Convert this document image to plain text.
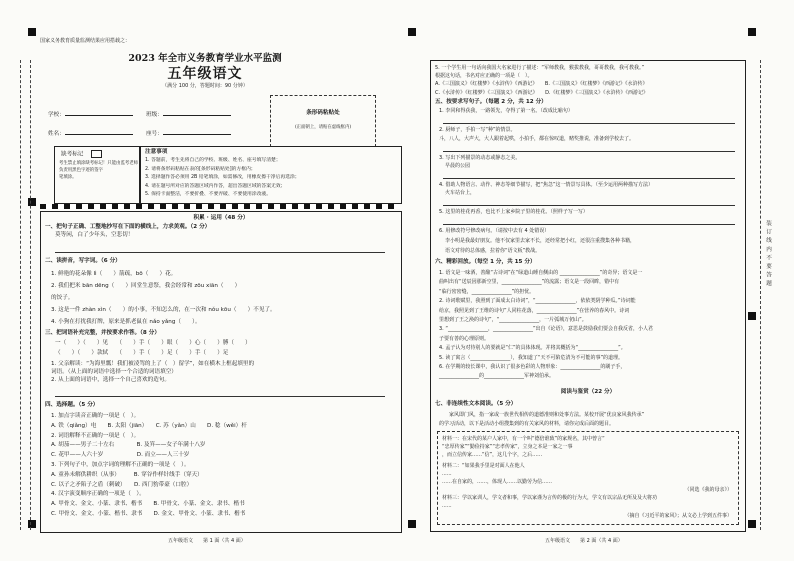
国家义务教育质量监测结果应用搭载之：
2023 年全市义务教育学业水平监测
五年级语文
（满分 100 分，答题时间：90 分钟）
学校：	班级：
姓名：	座号：
条形码粘贴处
(正面朝上，请贴在虚线框内)
缺考标记
考生禁止填涂缺考标记！只能由监考老师
负责用黑色字迹的签字
笔填涂。
注意事项
1. 答题前，考生先将自己的学校、班级、姓名、座号填写清楚；
2. 请将条形码粘贴在表的[条形码粘贴处]的方框内；
3. 选择题作答必须用 2B 铅笔填涂，如需修改，用橡皮擦干净后再选涂；
4. 请在题号所对应的答题区域内作答，超出答题区域的答案无效；
5. 保持卡面整洁，不要折叠、不要弄破、不要使用涂改液。
积累 · 运用（48 分）
一、把句子正确、工整地抄写在下面的横线上，力求美观。（2 分）
莫等闲，白了少年头，空悲切！
二、读拼音，写字词。（6 分）
1. 鲜艳的花朵像 lì（　　）箭疏，bō（　　）花。
2. 我们把米 bān dēng（　　）回堂生意祭，我会经常和 zōu xiān（　　）
的饺子。
3. 这是一件 zhàn xìn（　　）的小事，不知怎么的，在一次和 nǒu kōu（　　）不见了。
4. 小狗在打扰我打牌，原来是抓老鼠在 nǎo yǎng（　　）。
三、把词语补充完整，并按要求作答。（8 分）
一（　　）（　　）见　　（　　）手（　　）眼（　　）心（　　）膊（　　）
（　　）（　　）款轼　　（　　）手（　　）足（　　）手（　　）足
1. 父亲解读：“为海里瓢！我们被凌驾的上了（　）留学”，如在横木上框起填里的
词语。（从上面的词语中选择一个合适的词语填空）
2. 从上面的词语中，选择一个自己喜欢的造句。
四、选择题。（5 分）
1. 加点字读音正确的一项是（　）。
A. 铁（qiǎng）电　　B. 太阳（jiān）　　C. 苏（yǎn）山　　D. 稔（wěi）杆
2. 词语解释不正确的一项是（　）。
A. 胡茄——男子二十左右　　　　B. 及笄——女子年满十八岁
C. 花甲——人六十岁　　　　　　D. 而立——人三十岁
3. 下列句子中，加点字词的理解不正确的一项是（　）。
A. 童孙未解供耕织（从事）　　　B. 穿谷作样针线手（穿天）
C. 以子之矛陷子之盾（刺破）　　D. 西门豹带豪（口腔）
4. 汉字演变顺序正确的一项是（　）。
A. 甲骨文、金文、小篆、隶书、楷书　　B. 甲骨文、小篆、金文、隶书、楷书
C. 甲骨文、金文、小篆、楷书、隶书　　D. 金文、甲骨文、小篆、隶书、楷书
五年级语文　　第 1 面（共 4 面）
5. 一个学生用一句话向我国大名家进行了描述：“军师教我，猴拔教我，哥哥教我，我可教我。”
根据这句话，书名对应正确的一项是（　）。
A.《三国演义》《红楼梦》《水浒传》《西游记》　　B.《三国演义》《红楼梦》《西游记》《水浒传》
C.《水浒传》《红楼梦》《三国演义》《西游记》　　D.《红楼梦》《三国演义》《水浒传》《西游记》
五、按要求写句子。（每题 2 分，共 12 分）
1. 李同和得获我，一路领先，夺得了第一名。（改成比喻句）
2. 厨师子，手拍一写“种”的情景。
斗，八人，大声大，大人跟着起哄，小拍手，都在惊叹道，赌奖推说，准备到学校去了。
3. 写出下列描景的动态或静态之美。
早晨的公园
4. 借助人物语言、动作、神态等细节描写，把“焦急”这一情景写具体。（至少运用两种描写方法）
火车站台上，
5. 这里的桂花再香，也比不上家乡院子里的桂花。（照样子写一写）
6. 用修改符号修改病句。（请按中去有 4 处错误）
李小明是我最好朋友。他不仅家里去家不长，还经常把小红，还很注重搜集各种书籍，
语文对待的总体感，拉着你“语文板”教战。
六、精彩回放。（每空 1 分，共 15 分）
1. 语文是一味酒，善酿“古诗词”在“绿道山睡自侧由的 ________________”的奇异；语文是一
曲叫出有“送辰因那新空里，________________”的流露；语文是一段回眸，错中有
“临行密密缝，________________”的担忧。
2. 诗词歌赋里，我照到了面成太白诗词”，“________________，依依类阴学种瓜。”诗词能
给京，我照见到了王维的诗句”人同柱花落，________________”在营养的春风中。诗词
里想到了王之涣的诗句”，“________________，一片弧城万仞山”。
3. “________________，________________”出自《论语》，意思是鼓励我们要会自我反省，小人君
子要有善的心理原则。
4. 孟子认为对待别人的要就是“仁”的具体体现。并将其概括为“________________”。
5. 读了寓言（________________），我知道了“天不可陷危清为不可能的事”的道理。
6. 在学期的较长课中，我认识了很多色彩的人物形象：________________的刷子手，
________________的________________军神刘伯承。
阅读与鉴赏（22 分）
七、非连续性文本阅读。（5 分）
　　家风即门风，指一家或一族世代相传的道德准则和处事方法。某校开展“优良家风我传承”
的学习活动，以下是活动小组搜集到的有关家风的材料，请你完成后面的题目。
材料一：在宋代的某户人家中，有一个叫“德倍谁致”的家规名，其中曾言“
“忠厚传家”“勤俭持家”“忠孝传家”，立身之本是一家之一事
，而立信传家……“信”，这几个字，之后……
材料二：“如果我手里是对面人在他人
......
……在自家的，……，体现人……以勤劳为信……
（同选《我的母亲》）
材料三：学以家训人，学文者和事，学以家谨为言传的极的行为大，学文有以宗品无所及及大将功
......
（摘自《习近平的家风》；从文必上学到五件事）
五年级语文　　第 2 面（共 4 面）
装订线内不要答题
